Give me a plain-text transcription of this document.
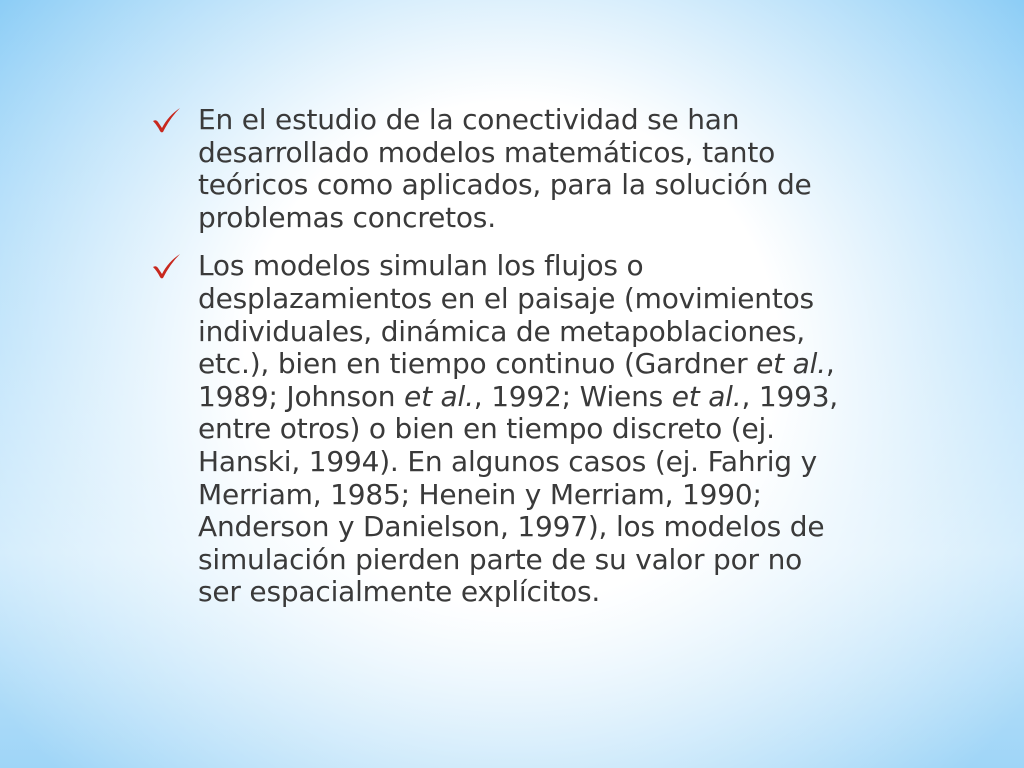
En el estudio de la conectividad se han desarrollado modelos matemáticos, tanto teóricos como aplicados, para la solución de problemas concretos.
Los modelos simulan los flujos o desplazamientos en el paisaje (movimientos individuales, dinámica de metapoblaciones, etc.), bien en tiempo continuo (Gardner et al., 1989; Johnson et al., 1992; Wiens et al., 1993, entre otros) o bien en tiempo discreto (ej. Hanski, 1994). En algunos casos (ej. Fahrig y Merriam, 1985; Henein y Merriam, 1990; Anderson y Danielson, 1997), los modelos de simulación pierden parte de su valor por no ser espacialmente explícitos.
